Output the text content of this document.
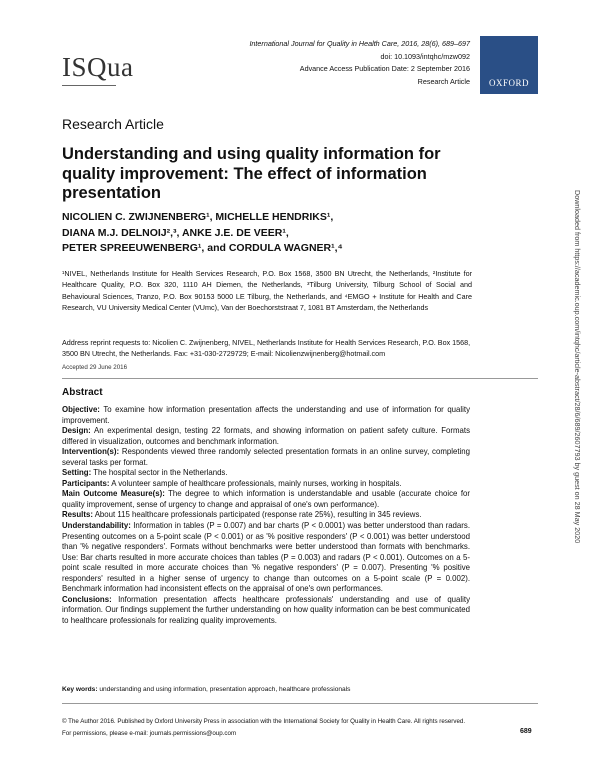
ISQua
International Journal for Quality in Health Care, 2016, 28(6), 689–697
doi: 10.1093/intqhc/mzw092
Advance Access Publication Date: 2 September 2016
Research Article	OXFORD
Research Article
Understanding and using quality information for quality improvement: The effect of information presentation
NICOLIEN C. ZWIJNENBERG¹, MICHELLE HENDRIKS¹,
DIANA M.J. DELNOIJ²,³, ANKE J.E. DE VEER¹,
PETER SPREEUWENBERG¹, and CORDULA WAGNER¹,⁴
¹NIVEL, Netherlands Institute for Health Services Research, P.O. Box 1568, 3500 BN Utrecht, the Netherlands, ²Institute for Healthcare Quality, P.O. Box 320, 1110 AH Diemen, the Netherlands, ³Tilburg University, Tilburg School of Social and Behavioural Sciences, Tranzo, P.O. Box 90153 5000 LE Tilburg, the Netherlands, and ⁴EMGO + Institute for Health and Care Research, VU University Medical Center (VUmc), Van der Boechorststraat 7, 1081 BT Amsterdam, the Netherlands
Address reprint requests to: Nicolien C. Zwijnenberg, NIVEL, Netherlands Institute for Health Services Research, P.O. Box 1568, 3500 BN Utrecht, the Netherlands. Fax: +31-030-2729729; E-mail: Nicolienzwijnenberg@hotmail.com
Accepted 29 June 2016
Abstract

Objective: To examine how information presentation affects the understanding and use of information for quality improvement.

Design: An experimental design, testing 22 formats, and showing information on patient safety culture. Formats differed in visualization, outcomes and benchmark information.

Intervention(s): Respondents viewed three randomly selected presentation formats in an online survey, completing several tasks per format.

Setting: The hospital sector in the Netherlands.

Participants: A volunteer sample of healthcare professionals, mainly nurses, working in hospitals.

Main Outcome Measure(s): The degree to which information is understandable and usable (accurate choice for quality improvement, sense of urgency to change and appraisal of one's own performance).

Results: About 115 healthcare professionals participated (response rate 25%), resulting in 345 reviews.

Understandability: Information in tables (P = 0.007) and bar charts (P < 0.0001) was better understood than radars. Presenting outcomes on a 5-point scale (P < 0.001) or as '% positive responders' (P < 0.001) was better understood than '% negative responders'. Formats without benchmarks were better understood than formats with benchmarks. Use: Bar charts resulted in more accurate choices than tables (P = 0.003) and radars (P < 0.001). Outcomes on a 5-point scale resulted in more accurate choices than '% negative responders' (P = 0.007). Presenting '% positive responders' resulted in a higher sense of urgency to change than outcomes on a 5-point scale (P = 0.002). Benchmark information had inconsistent effects on the appraisal of one's own performances.

Conclusions: Information presentation affects healthcare professionals' understanding and use of quality information. Our findings supplement the further understanding on how quality information can be best communicated to healthcare professionals for realizing quality improvements.

Key words: understanding and using information, presentation approach, healthcare professionals
© The Author 2016. Published by Oxford University Press in association with the International Society for Quality in Health Care. All rights reserved.
For permissions, please e-mail: journals.permissions@oup.com	689
Downloaded from https://academic.oup.com/intqhc/article-abstract/28/6/689/2607793 by guest on 28 May 2020
